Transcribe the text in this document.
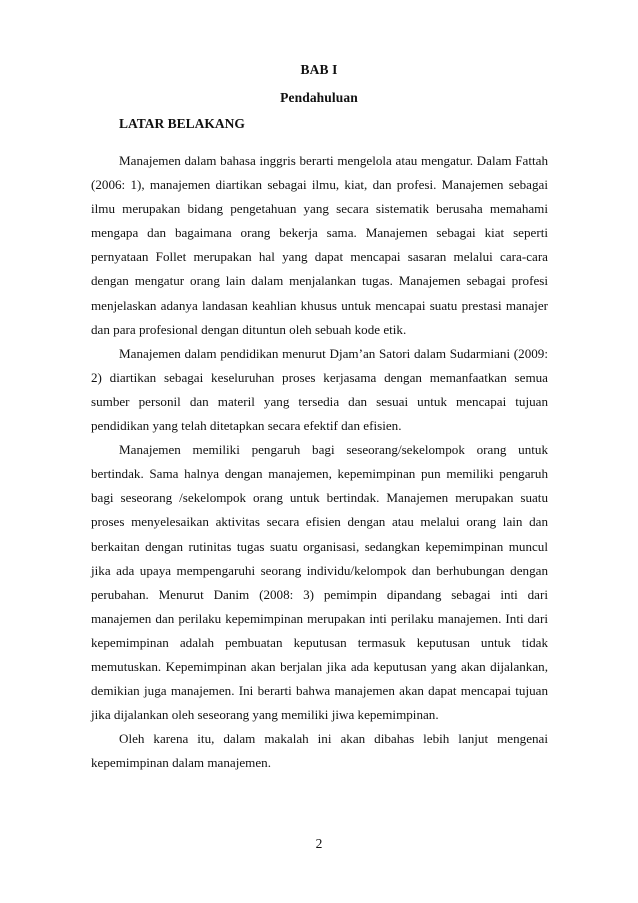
BAB I
Pendahuluan
LATAR BELAKANG

Manajemen dalam bahasa inggris berarti mengelola atau mengatur. Dalam Fattah (2006: 1), manajemen diartikan sebagai ilmu, kiat, dan profesi. Manajemen sebagai ilmu merupakan bidang pengetahuan yang secara sistematik berusaha memahami mengapa dan bagaimana orang bekerja sama. Manajemen sebagai kiat seperti pernyataan Follet merupakan hal yang dapat mencapai sasaran melalui cara-cara dengan mengatur orang lain dalam menjalankan tugas. Manajemen sebagai profesi menjelaskan adanya landasan keahlian khusus untuk mencapai suatu prestasi manajer dan para profesional dengan dituntun oleh sebuah kode etik.

Manajemen dalam pendidikan menurut Djam’an Satori dalam Sudarmiani (2009: 2) diartikan sebagai keseluruhan proses kerjasama dengan memanfaatkan semua sumber personil dan materil yang tersedia dan sesuai untuk mencapai tujuan pendidikan yang telah ditetapkan secara efektif dan efisien.

Manajemen memiliki pengaruh bagi seseorang/sekelompok orang untuk bertindak. Sama halnya dengan manajemen, kepemimpinan pun memiliki pengaruh bagi seseorang /sekelompok orang untuk bertindak. Manajemen merupakan suatu proses menyelesaikan aktivitas secara efisien dengan atau melalui orang lain dan berkaitan dengan rutinitas tugas suatu organisasi, sedangkan kepemimpinan muncul jika ada upaya mempengaruhi seorang individu/kelompok dan berhubungan dengan perubahan. Menurut Danim (2008: 3) pemimpin dipandang sebagai inti dari manajemen dan perilaku kepemimpinan merupakan inti perilaku manajemen. Inti dari kepemimpinan adalah pembuatan keputusan termasuk keputusan untuk tidak memutuskan. Kepemimpinan akan berjalan jika ada keputusan yang akan dijalankan, demikian juga manajemen. Ini berarti bahwa manajemen akan dapat mencapai tujuan jika dijalankan oleh seseorang yang memiliki jiwa kepemimpinan.

Oleh karena itu, dalam makalah ini akan dibahas lebih lanjut mengenai kepemimpinan dalam manajemen.

2
